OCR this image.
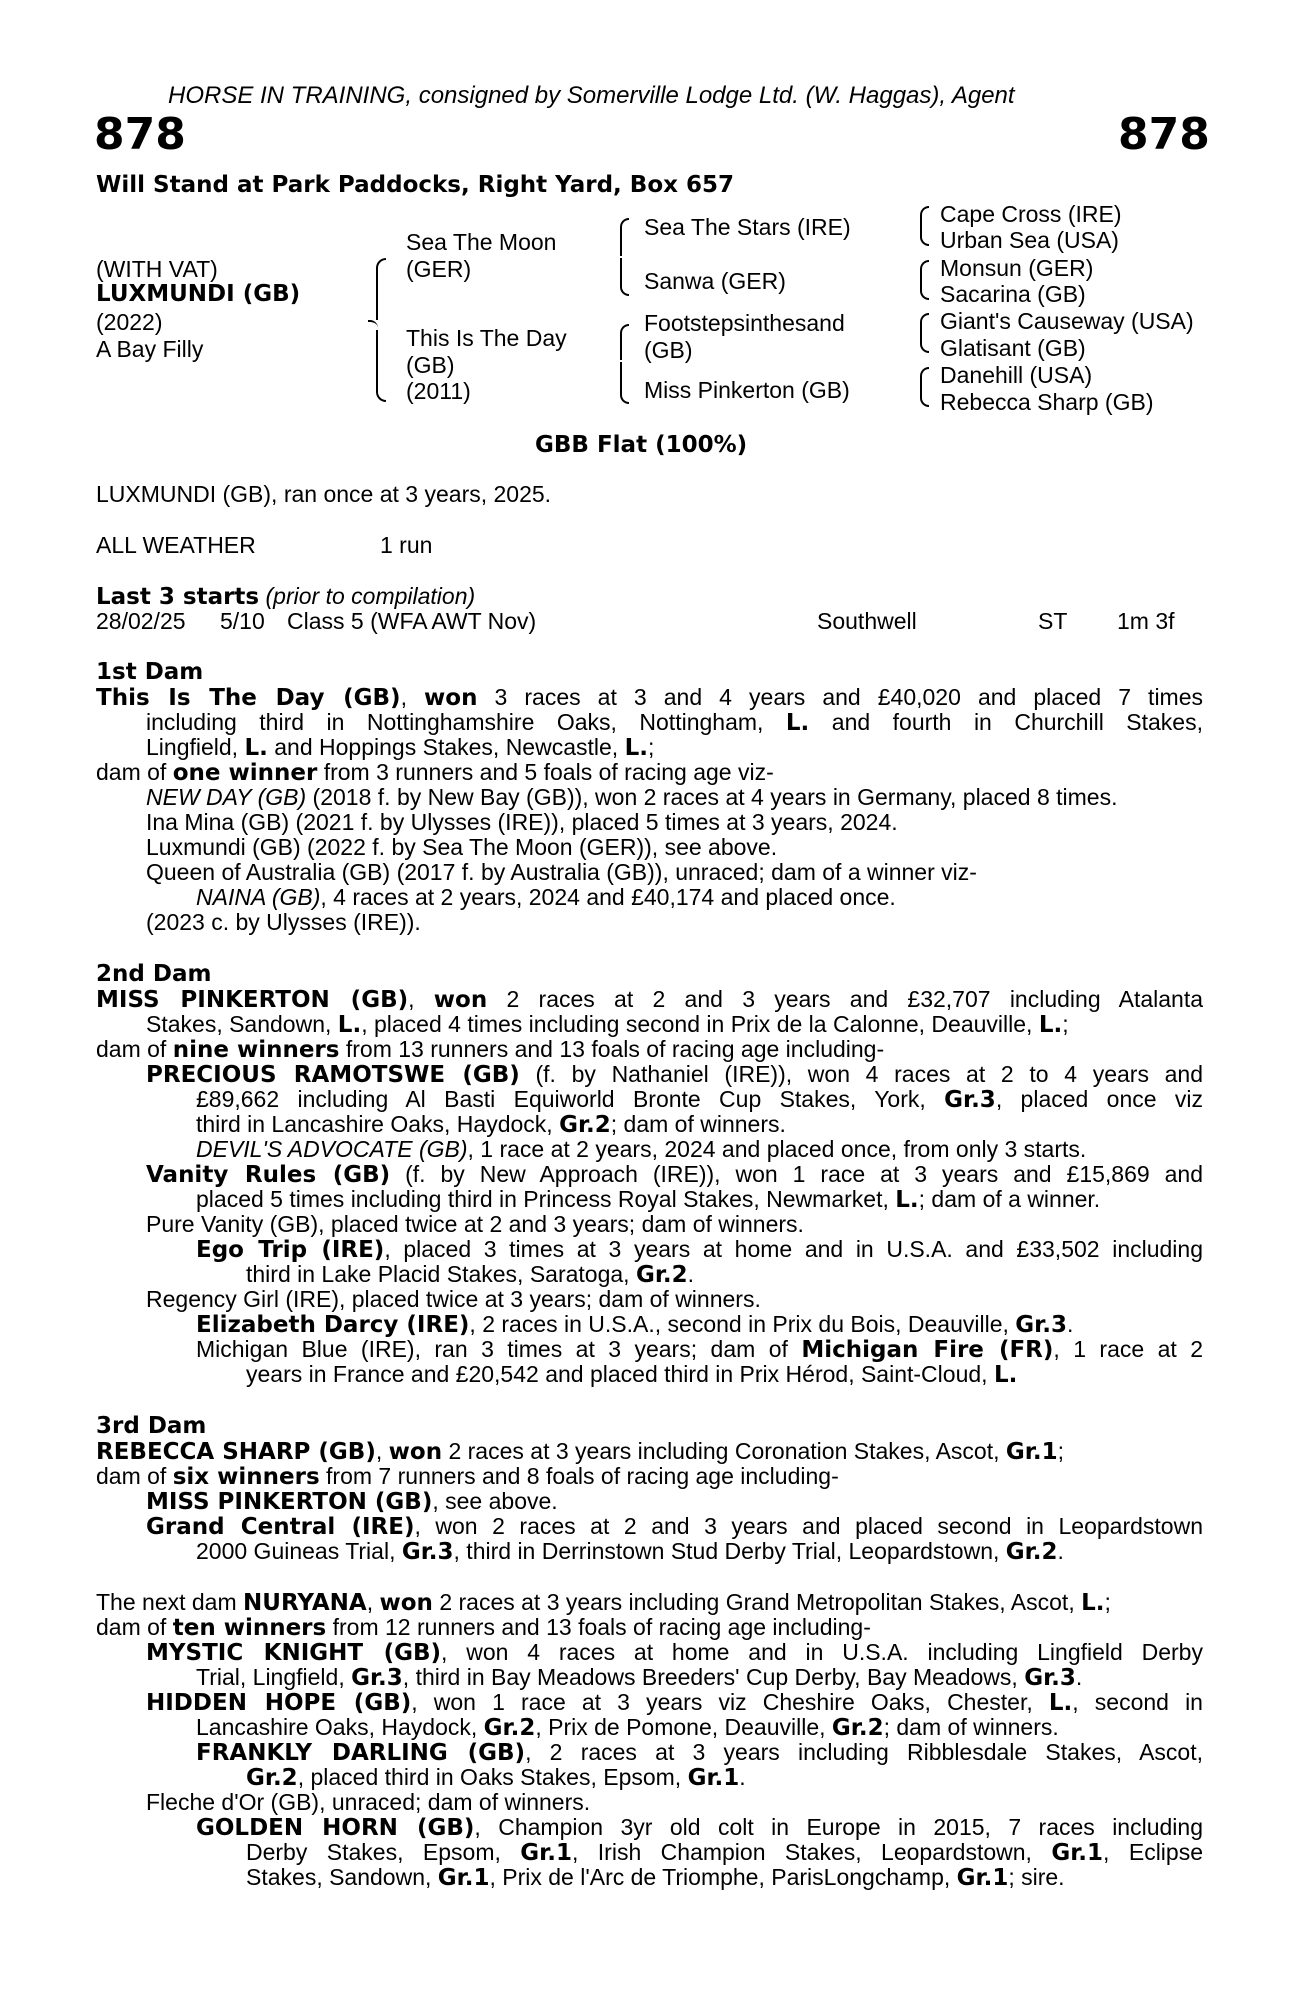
HORSE IN TRAINING, consigned by Somerville Lodge Ltd. (W. Haggas), Agent
878	878
Will Stand at Park Paddocks, Right Yard, Box 657
(WITH VAT)
LUXMUNDI (GB)
(2022)
A Bay Filly
Sea The Moon
(GER)
This Is The Day
(GB)
(2011)
Sea The Stars (IRE)
Sanwa (GER)
Footstepsinthesand
(GB)
Miss Pinkerton (GB)
Cape Cross (IRE)
Urban Sea (USA)
Monsun (GER)
Sacarina (GB)
Giant's Causeway (USA)
Glatisant (GB)
Danehill (USA)
Rebecca Sharp (GB)
GBB Flat (100%)
LUXMUNDI (GB), ran once at 3 years, 2025.
ALL WEATHER	1 run
Last 3 starts (prior to compilation)
28/02/25 5/10 Class 5 (WFA AWT Nov)	Southwell	ST 1m 3f
1st Dam
This Is The Day (GB), won 3 races at 3 and 4 years and £40,020 and placed 7 times
including third in Nottinghamshire Oaks, Nottingham, L. and fourth in Churchill Stakes,
Lingfield, L. and Hoppings Stakes, Newcastle, L.;
dam of one winner from 3 runners and 5 foals of racing age viz-
NEW DAY (GB) (2018 f. by New Bay (GB)), won 2 races at 4 years in Germany, placed 8 times.
Ina Mina (GB) (2021 f. by Ulysses (IRE)), placed 5 times at 3 years, 2024.
Luxmundi (GB) (2022 f. by Sea The Moon (GER)), see above.
Queen of Australia (GB) (2017 f. by Australia (GB)), unraced; dam of a winner viz-
NAINA (GB), 4 races at 2 years, 2024 and £40,174 and placed once.
(2023 c. by Ulysses (IRE)).
2nd Dam
MISS PINKERTON (GB), won 2 races at 2 and 3 years and £32,707 including Atalanta
Stakes, Sandown, L., placed 4 times including second in Prix de la Calonne, Deauville, L.;
dam of nine winners from 13 runners and 13 foals of racing age including-
PRECIOUS RAMOTSWE (GB) (f. by Nathaniel (IRE)), won 4 races at 2 to 4 years and
£89,662 including Al Basti Equiworld Bronte Cup Stakes, York, Gr.3, placed once viz
third in Lancashire Oaks, Haydock, Gr.2; dam of winners.
DEVIL'S ADVOCATE (GB), 1 race at 2 years, 2024 and placed once, from only 3 starts.
Vanity Rules (GB) (f. by New Approach (IRE)), won 1 race at 3 years and £15,869 and
placed 5 times including third in Princess Royal Stakes, Newmarket, L.; dam of a winner.
Pure Vanity (GB), placed twice at 2 and 3 years; dam of winners.
Ego Trip (IRE), placed 3 times at 3 years at home and in U.S.A. and £33,502 including
third in Lake Placid Stakes, Saratoga, Gr.2.
Regency Girl (IRE), placed twice at 3 years; dam of winners.
Elizabeth Darcy (IRE), 2 races in U.S.A., second in Prix du Bois, Deauville, Gr.3.
Michigan Blue (IRE), ran 3 times at 3 years; dam of Michigan Fire (FR), 1 race at 2
years in France and £20,542 and placed third in Prix Hérod, Saint-Cloud, L.
3rd Dam
REBECCA SHARP (GB), won 2 races at 3 years including Coronation Stakes, Ascot, Gr.1;
dam of six winners from 7 runners and 8 foals of racing age including-
MISS PINKERTON (GB), see above.
Grand Central (IRE), won 2 races at 2 and 3 years and placed second in Leopardstown
2000 Guineas Trial, Gr.3, third in Derrinstown Stud Derby Trial, Leopardstown, Gr.2.
The next dam NURYANA, won 2 races at 3 years including Grand Metropolitan Stakes, Ascot, L.;
dam of ten winners from 12 runners and 13 foals of racing age including-
MYSTIC KNIGHT (GB), won 4 races at home and in U.S.A. including Lingfield Derby
Trial, Lingfield, Gr.3, third in Bay Meadows Breeders' Cup Derby, Bay Meadows, Gr.3.
HIDDEN HOPE (GB), won 1 race at 3 years viz Cheshire Oaks, Chester, L., second in
Lancashire Oaks, Haydock, Gr.2, Prix de Pomone, Deauville, Gr.2; dam of winners.
FRANKLY DARLING (GB), 2 races at 3 years including Ribblesdale Stakes, Ascot,
Gr.2, placed third in Oaks Stakes, Epsom, Gr.1.
Fleche d'Or (GB), unraced; dam of winners.
GOLDEN HORN (GB), Champion 3yr old colt in Europe in 2015, 7 races including
Derby Stakes, Epsom, Gr.1, Irish Champion Stakes, Leopardstown, Gr.1, Eclipse
Stakes, Sandown, Gr.1, Prix de l'Arc de Triomphe, ParisLongchamp, Gr.1; sire.
